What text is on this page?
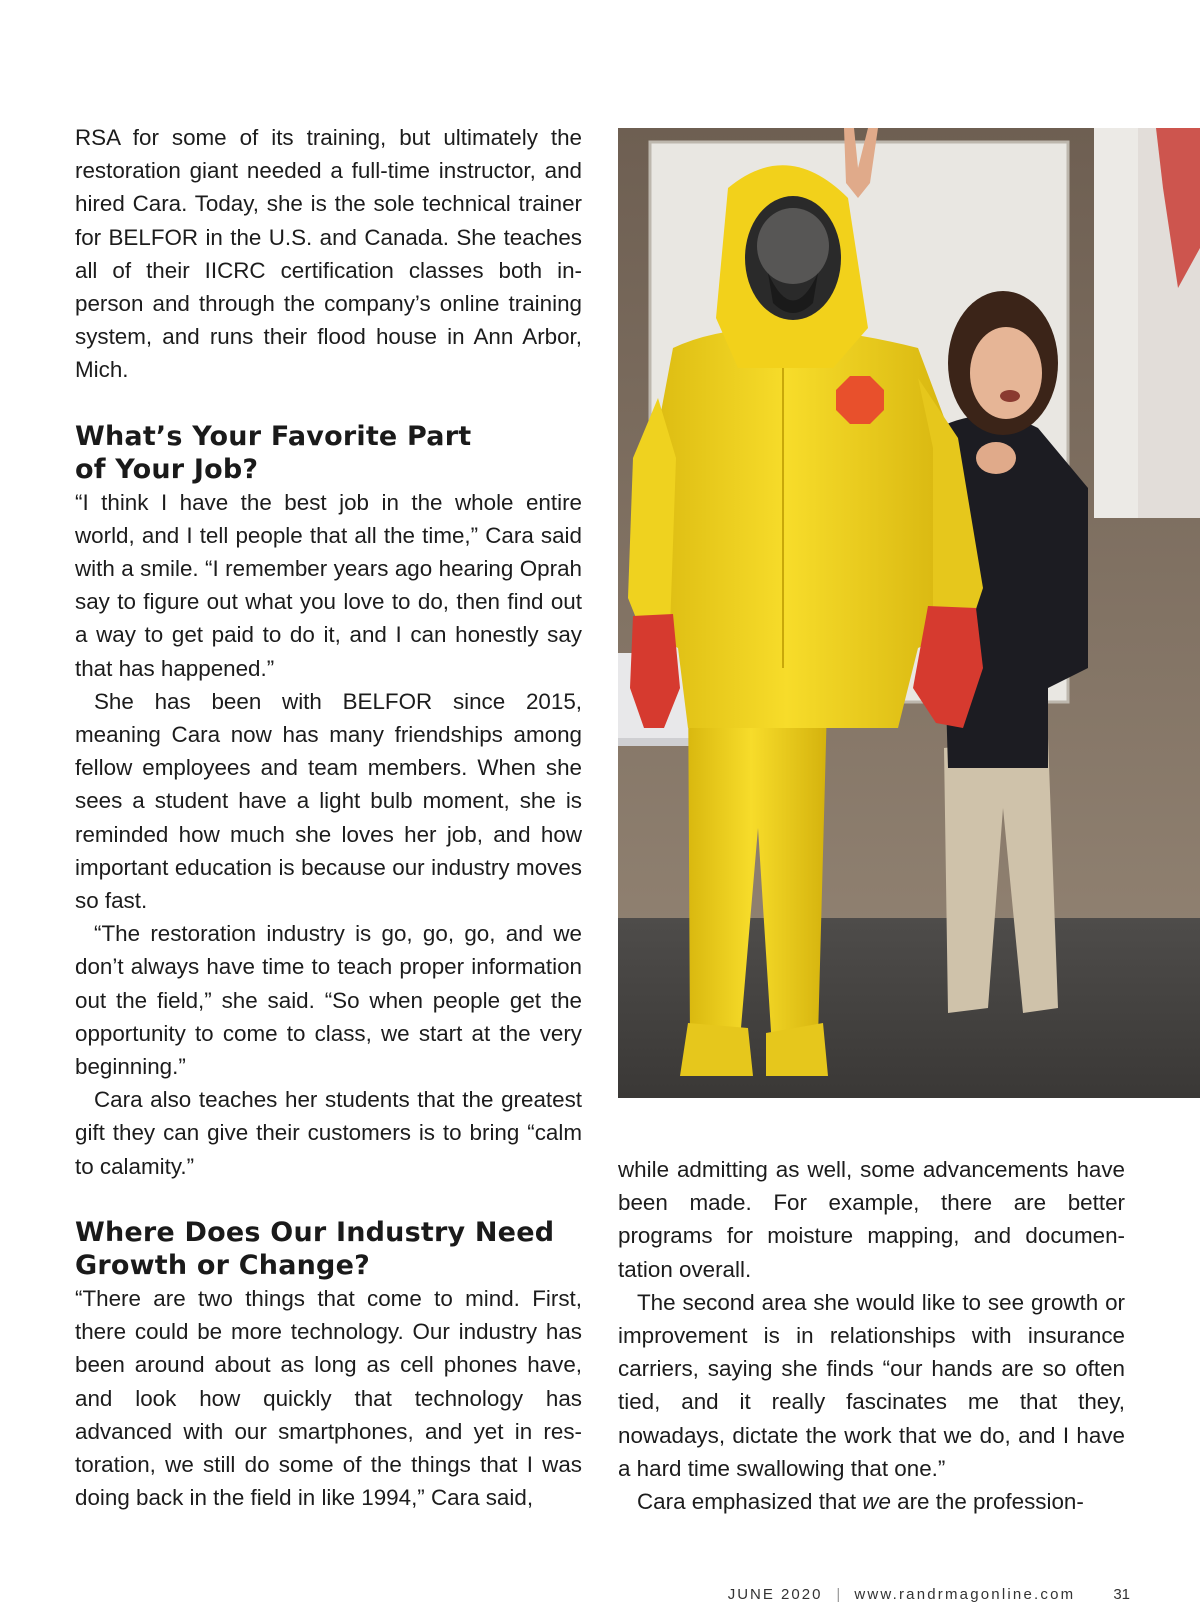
RSA for some of its training, but ultimately the restoration giant needed a full-time instructor, and hired Cara. Today, she is the sole technical trainer for BELFOR in the U.S. and Canada. She teaches all of their IICRC certification classes both in-person and through the company’s online training system, and runs their flood house in Ann Arbor, Mich.

What’s Your Favorite Part
of Your Job?

“I think I have the best job in the whole entire world, and I tell people that all the time,” Cara said with a smile. “I remember years ago hearing Oprah say to figure out what you love to do, then find out a way to get paid to do it, and I can honestly say that has happened.”

She has been with BELFOR since 2015, meaning Cara now has many friendships among fellow employees and team members. When she sees a student have a light bulb moment, she is reminded how much she loves her job, and how important education is because our industry moves so fast.

“The restoration industry is go, go, go, and we don’t always have time to teach proper information out the field,” she said. “So when people get the opportunity to come to class, we start at the very beginning.”

Cara also teaches her students that the greatest gift they can give their customers is to bring “calm to calamity.”

Where Does Our Industry Need
Growth or Change?

“There are two things that come to mind. First, there could be more technology. Our industry has been around about as long as cell phones have, and look how quickly that technology has advanced with our smartphones, and yet in restoration, we still do some of the things that I was doing back in the field in like 1994,” Cara said,

while admitting as well, some advancements have been made. For example, there are better programs for moisture mapping, and documentation overall.

The second area she would like to see growth or improvement is in relationships with insurance carriers, saying she finds “our hands are so often tied, and it really fascinates me that they, nowadays, dictate the work that we do, and I have a hard time swallowing that one.”

Cara emphasized that we are the profession-

JUNE 2020 | www.randrmagonline.com	31
